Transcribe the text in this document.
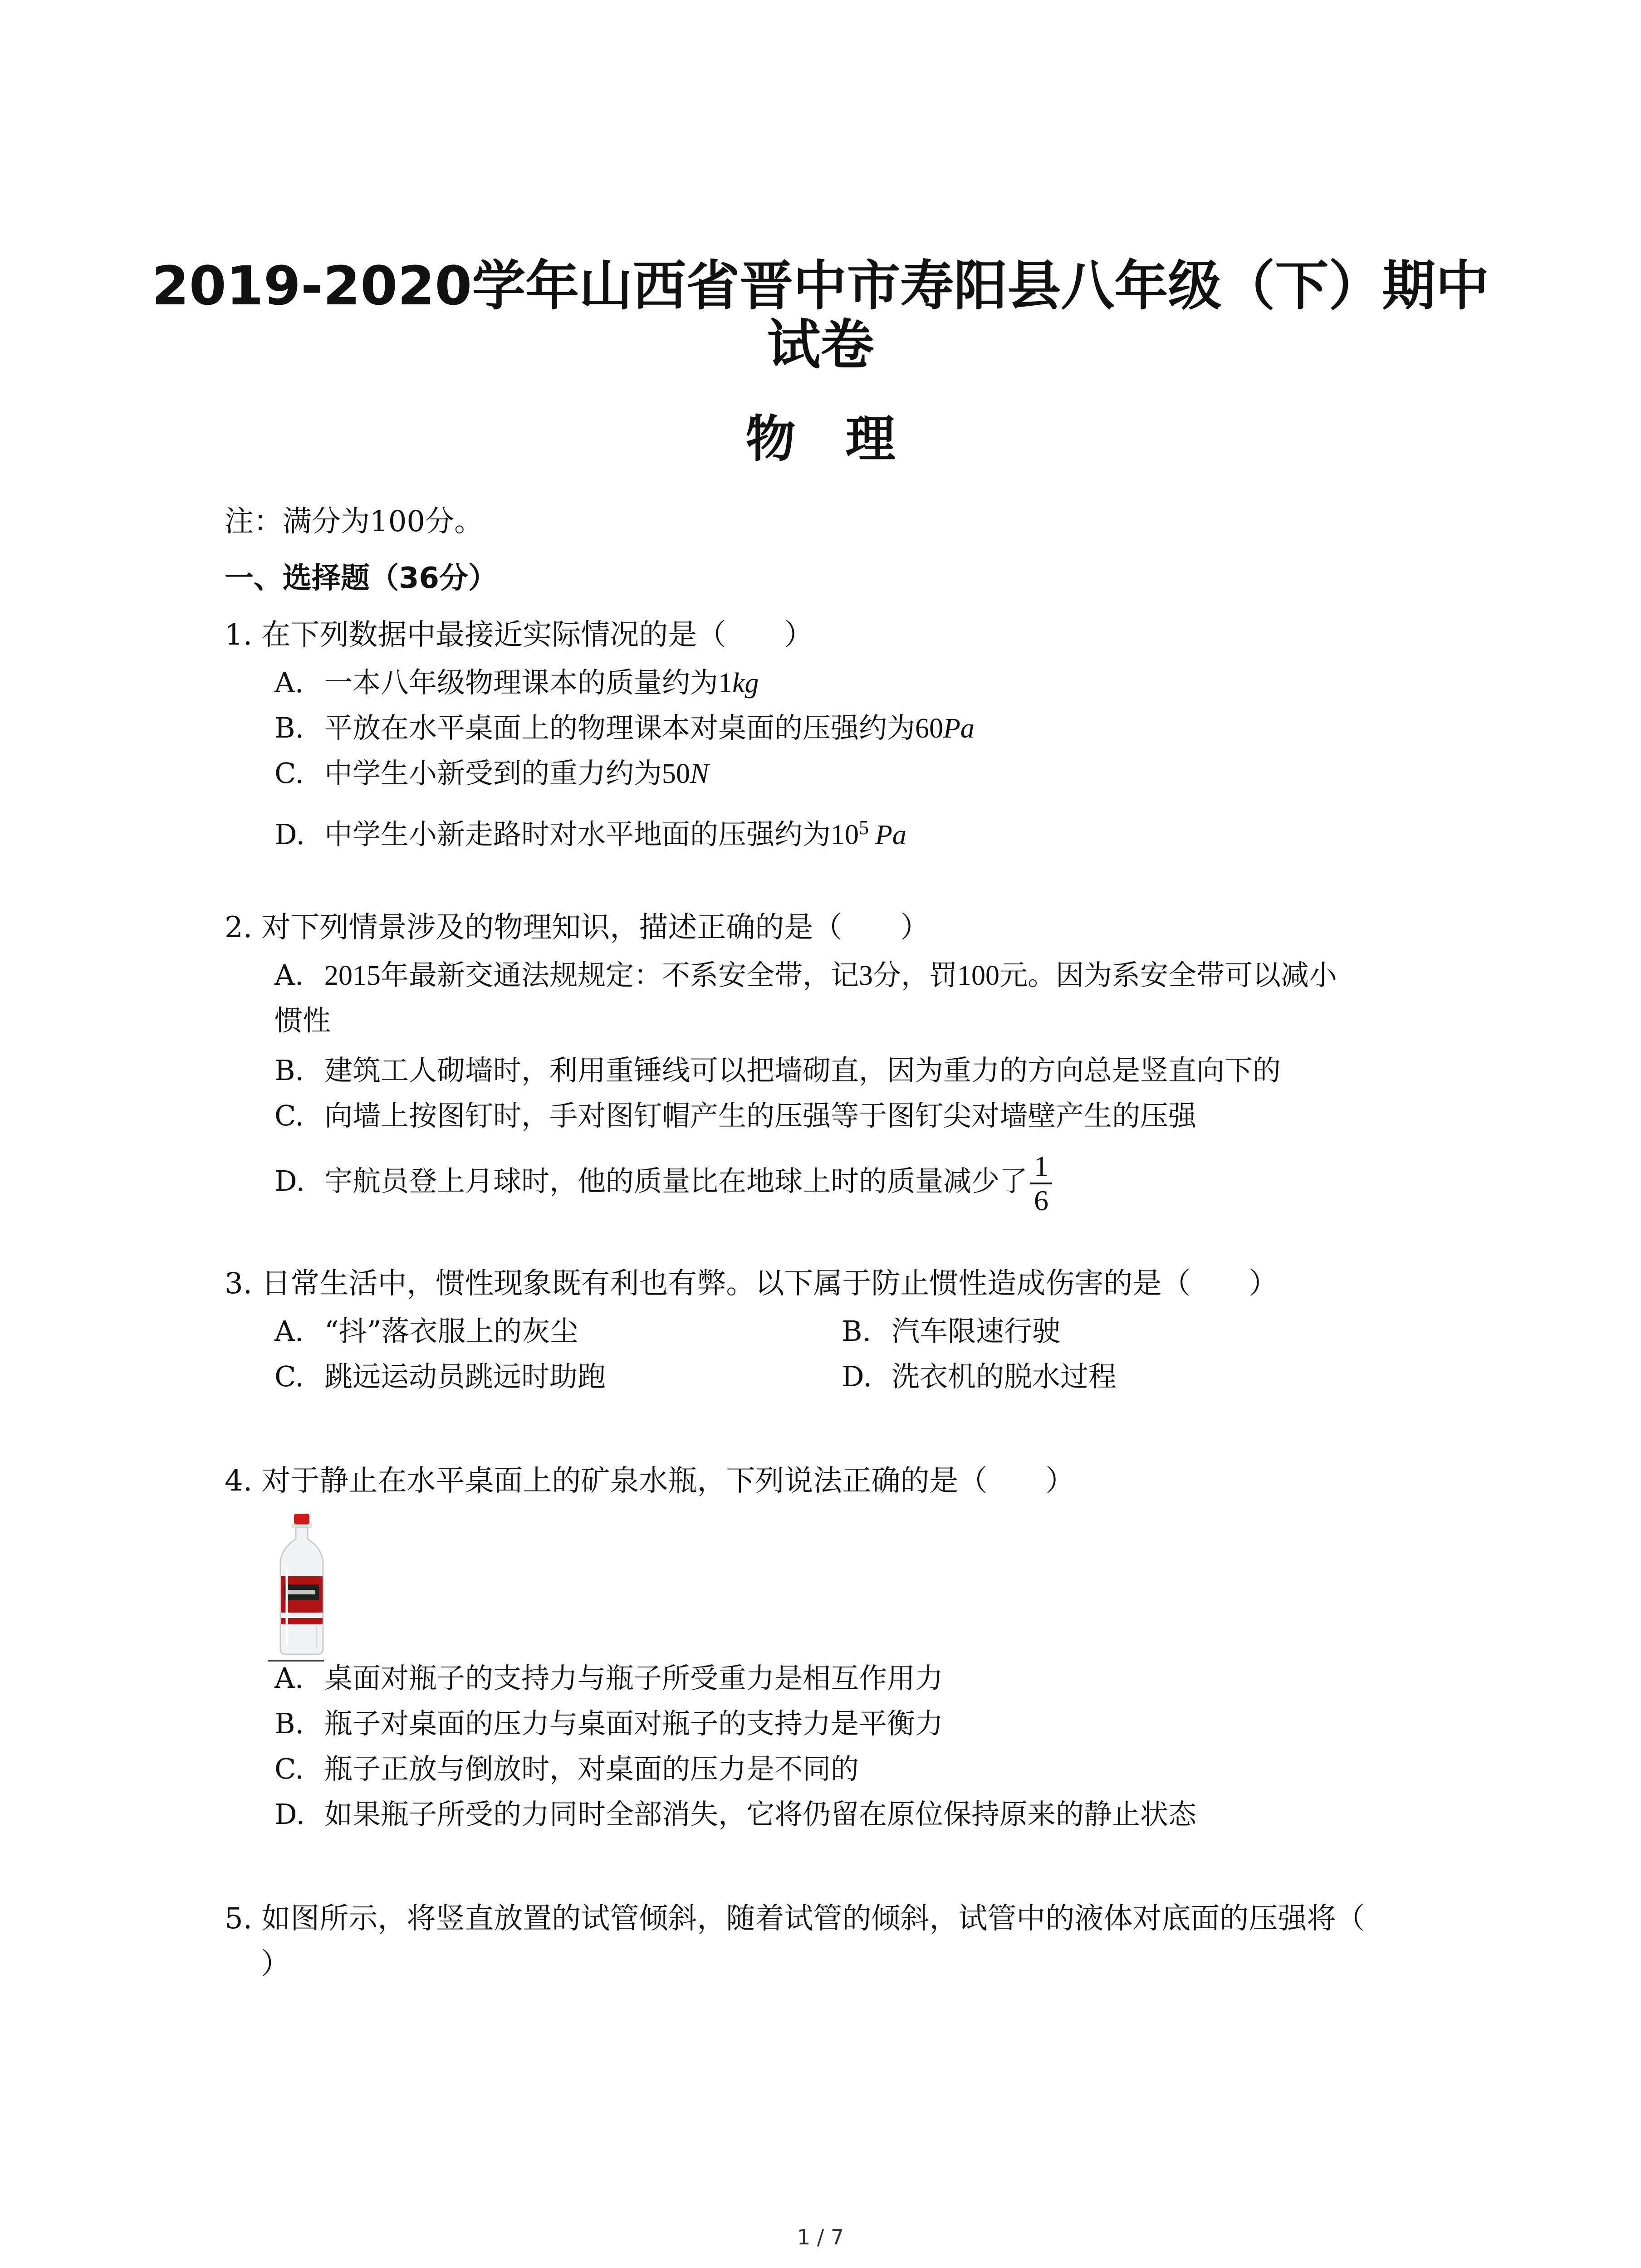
2019-2020学年山西省晋中市寿阳县八年级（下）期中
试卷
物理
注：满分为100分。
一、选择题（36分）
1. 在下列数据中最接近实际情况的是（　　）
A. 一本八年级物理课本的质量约为1kg
B. 平放在水平桌面上的物理课本对桌面的压强约为60Pa
C. 中学生小新受到的重力约为50N
D. 中学生小新走路时对水平地面的压强约为$10^5$ Pa
2. 对下列情景涉及的物理知识，描述正确的是（　　）
A. 2015年最新交通法规规定：不系安全带，记3分，罚100元。因为系安全带可以减小
惯性
B. 建筑工人砌墙时，利用重锤线可以把墙砌直，因为重力的方向总是竖直向下的
C. 向墙上按图钉时，手对图钉帽产生的压强等于图钉尖对墙壁产生的压强
D. 宇航员登上月球时，他的质量比在地球上时的质量减少了 $\frac{1}{6}$
3. 日常生活中，惯性现象既有利也有弊。以下属于防止惯性造成伤害的是（　　）
A. “抖”落衣服上的灰尘	B. 汽车限速行驶
C. 跳远运动员跳远时助跑	D. 洗衣机的脱水过程
4. 对于静止在水平桌面上的矿泉水瓶，下列说法正确的是（　　）
A. 桌面对瓶子的支持力与瓶子所受重力是相互作用力
B. 瓶子对桌面的压力与桌面对瓶子的支持力是平衡力
C. 瓶子正放与倒放时，对桌面的压力是不同的
D. 如果瓶子所受的力同时全部消失，它将仍留在原位保持原来的静止状态
5. 如图所示，将竖直放置的试管倾斜，随着试管的倾斜，试管中的液体对底面的压强将（
）
1 / 7
